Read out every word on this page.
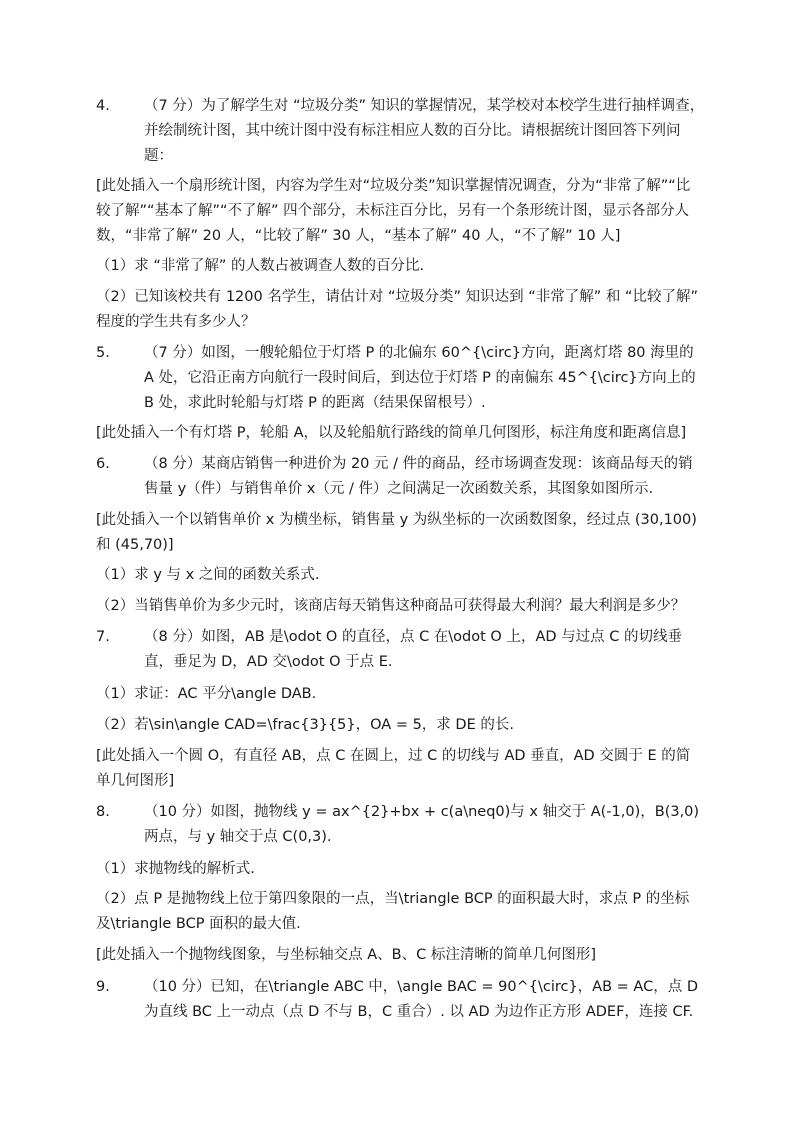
4.	（7 分）为了解学生对 “垃圾分类” 知识的掌握情况，某学校对本校学生进行抽样调查，并绘制统计图，其中统计图中没有标注相应人数的百分比。请根据统计图回答下列问题：

[此处插入一个扇形统计图，内容为学生对“垃圾分类”知识掌握情况调查，分为“非常了解”“比较了解”“基本了解”“不了解” 四个部分，未标注百分比，另有一个条形统计图，显示各部分人数，“非常了解” 20 人，“比较了解” 30 人，“基本了解” 40 人，“不了解” 10 人]

（1）求 “非常了解” 的人数占被调查人数的百分比.

（2）已知该校共有 1200 名学生，请估计对 “垃圾分类” 知识达到 “非常了解” 和 “比较了解” 程度的学生共有多少人？

5.	（7 分）如图，一艘轮船位于灯塔 P 的北偏东 60^{\circ}方向，距离灯塔 80 海里的 A 处，它沿正南方向航行一段时间后，到达位于灯塔 P 的南偏东 45^{\circ}方向上的 B 处，求此时轮船与灯塔 P 的距离（结果保留根号）.

[此处插入一个有灯塔 P，轮船 A，以及轮船航行路线的简单几何图形，标注角度和距离信息]

6.	（8 分）某商店销售一种进价为 20 元 / 件的商品，经市场调查发现：该商品每天的销售量 y（件）与销售单价 x（元 / 件）之间满足一次函数关系，其图象如图所示.

[此处插入一个以销售单价 x 为横坐标，销售量 y 为纵坐标的一次函数图象，经过点 (30,100) 和 (45,70)]

（1）求 y 与 x 之间的函数关系式.

（2）当销售单价为多少元时，该商店每天销售这种商品可获得最大利润？最大利润是多少？

7.	（8 分）如图，AB 是\odot O 的直径，点 C 在\odot O 上，AD 与过点 C 的切线垂直，垂足为 D，AD 交\odot O 于点 E.

（1）求证：AC 平分\angle DAB.

（2）若\sin\angle CAD=\frac{3}{5}，OA = 5，求 DE 的长.

[此处插入一个圆 O，有直径 AB，点 C 在圆上，过 C 的切线与 AD 垂直，AD 交圆于 E 的简单几何图形]

8.	（10 分）如图，抛物线 y = ax^{2}+bx + c(a\neq0)与 x 轴交于 A(-1,0)，B(3,0)两点，与 y 轴交于点 C(0,3).

（1）求抛物线的解析式.

（2）点 P 是抛物线上位于第四象限的一点，当\triangle BCP 的面积最大时，求点 P 的坐标及\triangle BCP 面积的最大值.

[此处插入一个抛物线图象，与坐标轴交点 A、B、C 标注清晰的简单几何图形]

9.	（10 分）已知，在\triangle ABC 中，\angle BAC = 90^{\circ}，AB = AC，点 D 为直线 BC 上一动点（点 D 不与 B，C 重合）. 以 AD 为边作正方形 ADEF，连接 CF.
